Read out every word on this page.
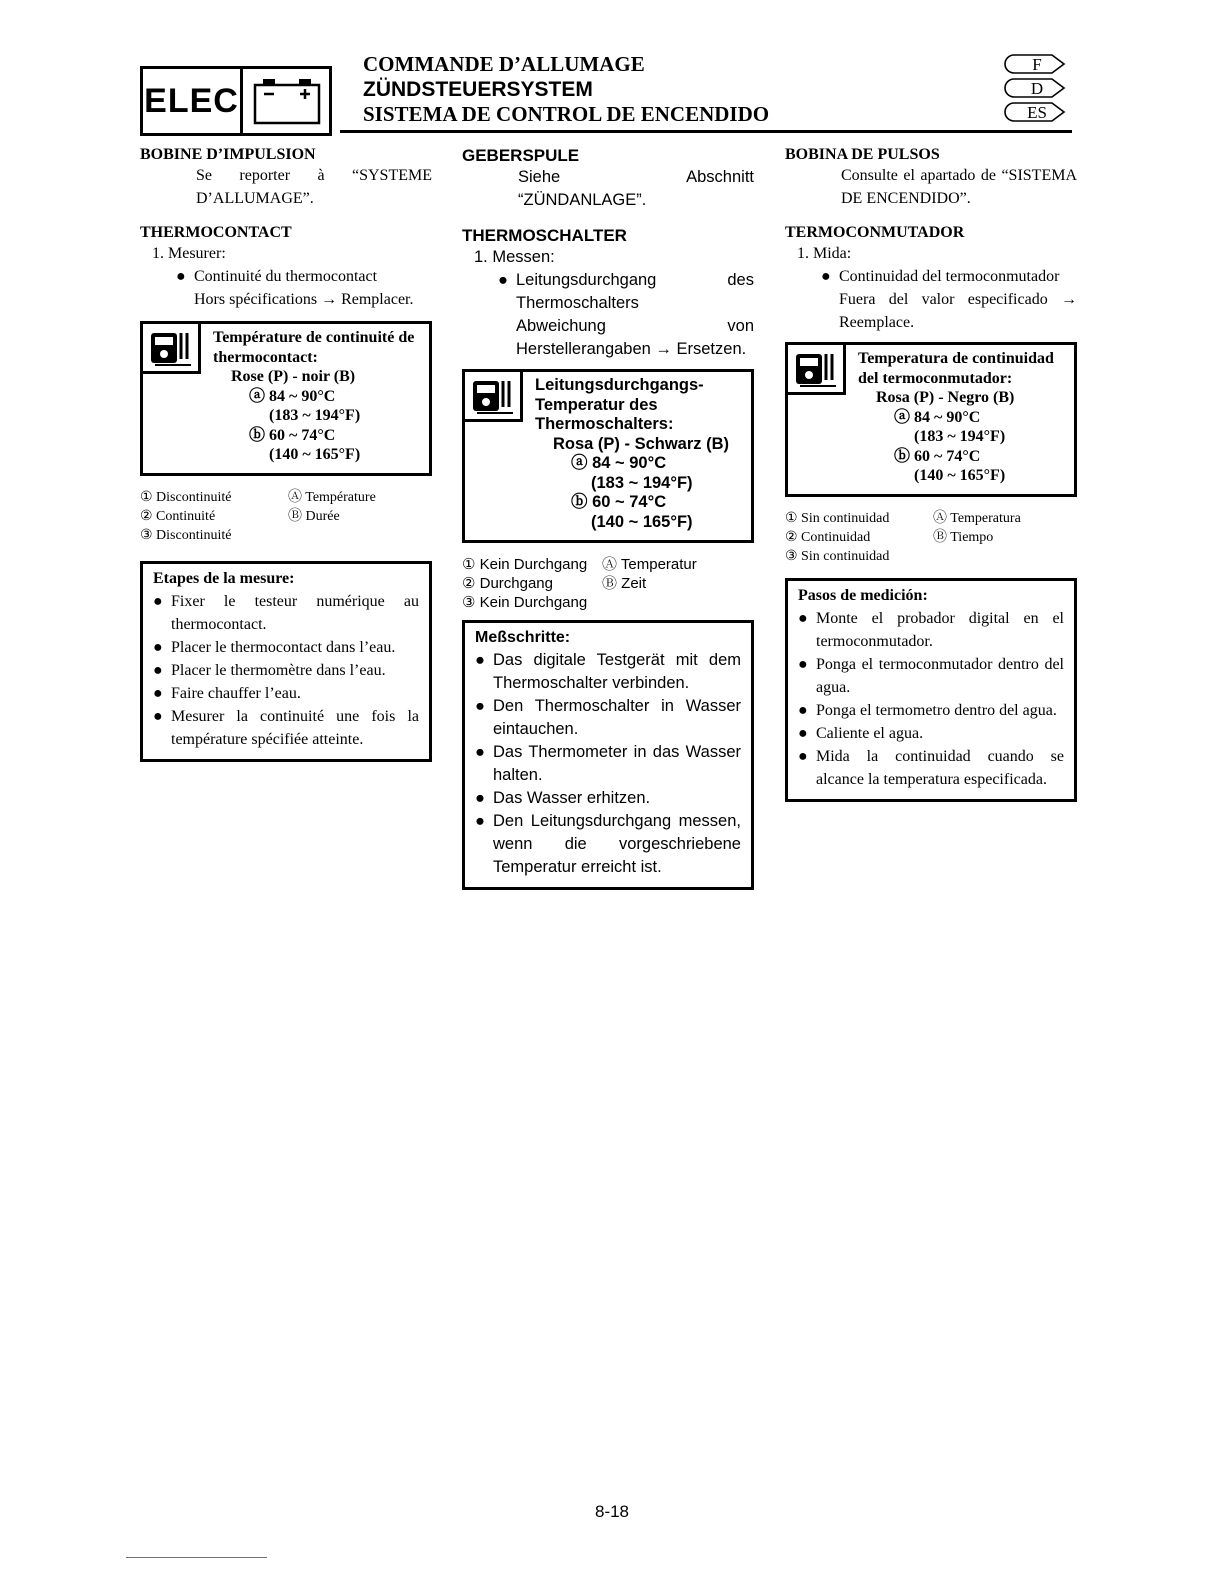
ELEC
COMMANDE D’ALLUMAGE
ZÜNDSTEUERSYSTEM
SISTEMA DE CONTROL DE ENCENDIDO
F
D
ES
BOBINE D’IMPULSION
Se reporter à “SYSTEME D’ALLUMAGE”.
THERMOCONTACT
1. Mesurer:
● Continuité du thermocontact
Hors spécifications → Remplacer.
Température de continuité de thermocontact:
Rose (P) - noir (B)
ⓐ 84 ~ 90°C
(183 ~ 194°F)
ⓑ 60 ~ 74°C
(140 ~ 165°F)
① Discontinuité	Ⓐ Température
② Continuité	Ⓑ Durée
③ Discontinuité
Etapes de la mesure:
● Fixer le testeur numérique au thermocontact.
● Placer le thermocontact dans l’eau.
● Placer le thermomètre dans l’eau.
● Faire chauffer l’eau.
● Mesurer la continuité une fois la température spécifiée atteinte.
GEBERSPULE
Siehe Abschnitt “ZÜNDANLAGE”.
THERMOSCHALTER
1. Messen:
● Leitungsdurchgang des Thermoschalters
Abweichung von Herstellerangaben → Ersetzen.
Leitungsdurchgangs-Temperatur des Thermoschalters:
Rosa (P) - Schwarz (B)
ⓐ 84 ~ 90°C
(183 ~ 194°F)
ⓑ 60 ~ 74°C
(140 ~ 165°F)
① Kein Durchgang Ⓐ Temperatur
② Durchgang	Ⓑ Zeit
③ Kein Durchgang
Meßschritte:
● Das digitale Testgerät mit dem Thermoschalter verbinden.
● Den Thermoschalter in Wasser eintauchen.
● Das Thermometer in das Wasser halten.
● Das Wasser erhitzen.
● Den Leitungsdurchgang messen, wenn die vorgeschriebene Temperatur erreicht ist.
BOBINA DE PULSOS
Consulte el apartado de “SISTEMA DE ENCENDIDO”.
TERMOCONMUTADOR
1. Mida:
● Continuidad del termoconmutador
Fuera del valor especificado → Reemplace.
Temperatura de continuidad del termoconmutador:
Rosa (P) - Negro (B)
ⓐ 84 ~ 90°C
(183 ~ 194°F)
ⓑ 60 ~ 74°C
(140 ~ 165°F)
① Sin continuidad	Ⓐ Temperatura
② Continuidad	Ⓑ Tiempo
③ Sin continuidad
Pasos de medición:
● Monte el probador digital en el termoconmutador.
● Ponga el termoconmutador dentro del agua.
● Ponga el termometro dentro del agua.
● Caliente el agua.
● Mida la continuidad cuando se alcance la temperatura especificada.
8-18
